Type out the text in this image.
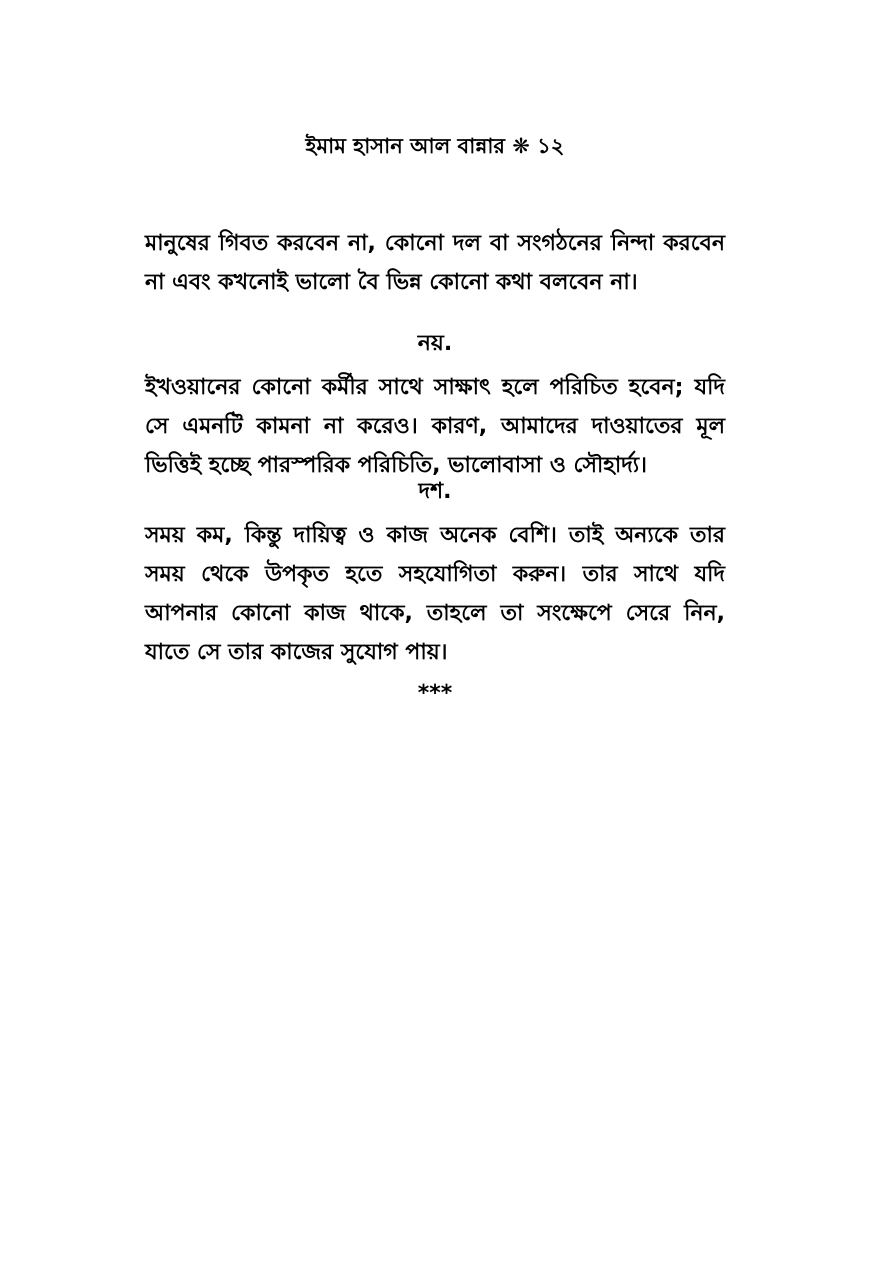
ইমাম হাসান আল বান্নার ❋ ১২

মানুষের গিবত করবেন না, কোনো দল বা সংগঠনের নিন্দা করবেন না এবং কখনোই ভালো বৈ ভিন্ন কোনো কথা বলবেন না।

নয়.

ইখওয়ানের কোনো কর্মীর সাথে সাক্ষাৎ হলে পরিচিত হবেন; যদি সে এমনটি কামনা না করেও। কারণ, আমাদের দাওয়াতের মূল ভিত্তিই হচ্ছে পারস্পরিক পরিচিতি, ভালোবাসা ও সৌহার্দ্য।

দশ.

সময় কম, কিন্তু দায়িত্ব ও কাজ অনেক বেশি। তাই অন্যকে তার সময় থেকে উপকৃত হতে সহযোগিতা করুন। তার সাথে যদি আপনার কোনো কাজ থাকে, তাহলে তা সংক্ষেপে সেরে নিন, যাতে সে তার কাজের সুযোগ পায়।

***
